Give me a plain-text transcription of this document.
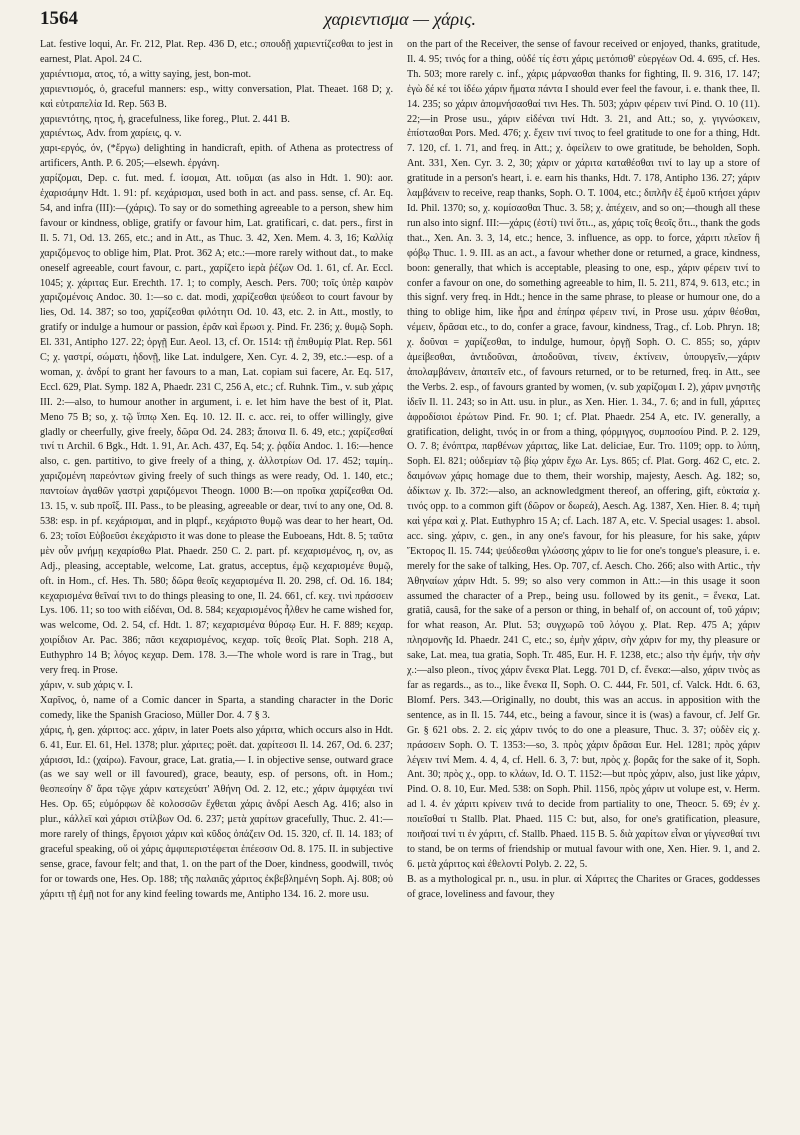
1564	χαριεντισμα — χάρις.

Lat. festive loqui, Ar. Fr. 212, Plat. Rep. 436 D, etc.; σπουδῇ χαριεντίζεσθαι to jest in earnest, Plat. Apol. 24 C.

χαριέντισμα, ατος, τό, a witty saying, jest, bon-mot.

χαριεντισμός, ὁ, graceful manners: esp., witty conversation, Plat. Theaet. 168 D; χ. καὶ εὐτραπελία Id. Rep. 563 B.

χαριεντότης, ητος, ἡ, gracefulness, like foreg., Plut. 2. 441 B.

χαριέντως, Adv. from χαρίεις, q. v.

χαρι-εργός, όν, (*ἔργω) delighting in handicraft, epith. of Athena as protectress of artificers, Anth. P. 6. 205;—elsewh. ἐργάνη.

χαρίζομαι, Dep. c. fut. med. f. ἰσομαι, Att. ιοῦμαι (as also in Hdt. 1. 90): aor. ἐχαρισάμην Hdt. 1. 91: pf. κεχάρισμαι, used both in act. and pass. sense, cf. Ar. Eq. 54, and infra (III):—(χάρις). To say or do something agreeable to a person, shew him favour or kindness, oblige, gratify or favour him, Lat. gratificari, c. dat. pers., first in Il. 5. 71, Od. 13. 265, etc.; and in Att., as Thuc. 3. 42, Xen. Mem. 4. 3, 16; Καλλίᾳ χαριζόμενος to oblige him, Plat. Prot. 362 A; etc.:—more rarely without dat., to make oneself agreeable, court favour, c. part., χαρίζετο ἱερὰ ῥέζων Od. 1. 61, cf. Ar. Eccl. 1045; χ. χάριτας Eur. Erechth. 17. 1; to comply, Aesch. Pers. 700; τοῖς ὑπὲρ καιρὸν χαριζομένοις Andoc. 30. 1:—so c. dat. modi, χαρίζεσθαι ψεύδεσι to court favour by lies, Od. 14. 387; so too, χαρίζεσθαι φιλότητι Od. 10. 43, etc. 2. in Att., mostly, to gratify or indulge a humour or passion, ἐρᾶν καὶ ἔρωσι χ. Pind. Fr. 236; χ. θυμῷ Soph. El. 331, Antipho 127. 22; ὀργῇ Eur. Aeol. 13, cf. Or. 1514: τῇ ἐπιθυμίᾳ Plat. Rep. 561 C; χ. γαστρί, σώματι, ἡδονῇ, like Lat. indulgere, Xen. Cyr. 4. 2, 39, etc.:—esp. of a woman, χ. ἀνδρί to grant her favours to a man, Lat. copiam sui facere, Ar. Eq. 517, Eccl. 629, Plat. Symp. 182 A, Phaedr. 231 C, 256 A, etc.; cf. Ruhnk. Tim., v. sub χάρις III. 2:—also, to humour another in argument, i. e. let him have the best of it, Plat. Meno 75 B; so, χ. τῷ ἵππῳ Xen. Eq. 10. 12. II. c. acc. rei, to offer willingly, give gladly or cheerfully, give freely, δῶρα Od. 24. 283; ἄποινα Il. 6. 49, etc.; χαρίζεσθαί τινί τι Archil. 6 Bgk., Hdt. 1. 91, Ar. Ach. 437, Eq. 54; χ. ῥᾳδία Andoc. 1. 16:—hence also, c. gen. partitivo, to give freely of a thing, χ. ἀλλοτρίων Od. 17. 452; ταμίη.. χαριζομένη παρεόντων giving freely of such things as were ready, Od. 1. 140, etc.; παντοίων ἀγαθῶν γαστρὶ χαριζόμενοι Theogn. 1000 B:—on προῖκα χαρίζεσθαι Od. 13. 15, v. sub προΐξ. III. Pass., to be pleasing, agreeable or dear, τινί to any one, Od. 8. 538: esp. in pf. κεχάρισμαι, and in plqpf., κεχάριστο θυμῷ was dear to her heart, Od. 6. 23; τοῖσι Εὐβοεῦσι ἐκεχάριστο it was done to please the Euboeans, Hdt. 8. 5; ταῦτα μὲν οὖν μνήμῃ κεχαρίσθω Plat. Phaedr. 250 C. 2. part. pf. κεχαρισμένος, η, ον, as Adj., pleasing, acceptable, welcome, Lat. gratus, acceptus, ἐμῷ κεχαρισμένε θυμῷ, oft. in Hom., cf. Hes. Th. 580; δῶρα θεοῖς κεχαρισμένα Il. 20. 298, cf. Od. 16. 184; κεχαρισμένα θεῖναί τινι to do things pleasing to one, Il. 24. 661, cf. κεχ. τινὶ πράσσειν Lys. 106. 11; so too with εἰδέναι, Od. 8. 584; κεχαρισμένος ἦλθεν he came wished for, was welcome, Od. 2. 54, cf. Hdt. 1. 87; κεχαρισμένα θύρσῳ Eur. H. F. 889; κεχαρ. χοιρίδιον Ar. Pac. 386; πᾶσι κεχαρισμένος, κεχαρ. τοῖς θεοῖς Plat. Soph. 218 A, Euthyphro 14 B; λόγος κεχαρ. Dem. 178. 3.—The whole word is rare in Trag., but very freq. in Prose.

χάριν, v. sub χάρις v. I.

Χαρῖνος, ὁ, name of a Comic dancer in Sparta, a standing character in the Doric comedy, like the Spanish Gracioso, Müller Dor. 4. 7 § 3.

χάρις, ἡ, gen. χάριτος: acc. χάριν, in later Poets also χάριτα, which occurs also in Hdt. 6. 41, Eur. El. 61, Hel. 1378; plur. χάριτες; poët. dat. χαρίτεσσι Il. 14. 267, Od. 6. 237; χάρισσι, Id.: (χαίρω). Favour, grace, Lat. gratia,— I. in objective sense, outward grace (as we say well or ill favoured), grace, beauty, esp. of persons, oft. in Hom.; θεσπεσίην δ' ἄρα τῷγε χάριν κατεχεύατ' Ἀθήνη Od. 2. 12, etc.; χάριν ἀμφιχέαι τινί Hes. Op. 65; εὐμόρφων δὲ κολοσσῶν ἔχθεται χάρις ἀνδρί Aesch Ag. 416; also in plur., κάλλεϊ καὶ χάρισι στίλβων Od. 6. 237; μετὰ χαρίτων gracefully, Thuc. 2. 41:—more rarely of things, ἔργοισι χάριν καὶ κῦδος ὀπάζειν Od. 15. 320, cf. Il. 14. 183; of graceful speaking, οὔ οἱ χάρις ἀμφιπεριστέφεται ἐπέεσσιν Od. 8. 175. II. in subjective sense, grace, favour felt; and that, 1. on the part of the Doer, kindness, goodwill, τινός for or towards one, Hes. Op. 188; τῆς παλαιᾶς χάριτος ἐκβεβλημένη Soph. Aj. 808; οὐ χάριτι τῇ ἐμῇ not for any kind feeling towards me, Antipho 134. 16. 2. more usu.

on the part of the Receiver, the sense of favour received or enjoyed, thanks, gratitude, Il. 4. 95; τινός for a thing, οὐδέ τίς ἐστι χάρις μετόπισθ' εὐεργέων Od. 4. 695, cf. Hes. Th. 503; more rarely c. inf., χάρις μάρνασθαι thanks for fighting, Il. 9. 316, 17. 147; ἐγὼ δέ κέ τοι ἰδέω χάριν ἤματα πάντα I should ever feel the favour, i. e. thank thee, Il. 14. 235; so χάριν ἀπομνήσασθαί τινι Hes. Th. 503; χάριν φέρειν τινί Pind. O. 10 (11). 22;—in Prose usu., χάριν εἰδέναι τινί Hdt. 3. 21, and Att.; so, χ. γιγνώσκειν, ἐπίστασθαι Pors. Med. 476; χ. ἔχειν τινί τινος to feel gratitude to one for a thing, Hdt. 7. 120, cf. 1. 71, and freq. in Att.; χ. ὀφείλειν to owe gratitude, be beholden, Soph. Ant. 331, Xen. Cyr. 3. 2, 30; χάριν or χάριτα καταθέσθαι τινί to lay up a store of gratitude in a person's heart, i. e. earn his thanks, Hdt. 7. 178, Antipho 136. 27; χάριν λαμβάνειν to receive, reap thanks, Soph. O. T. 1004, etc.; διπλῆν ἐξ ἐμοῦ κτήσει χάριν Id. Phil. 1370; so, χ. κομίσασθαι Thuc. 3. 58; χ. ἀπέχειν, and so on;—though all these run also into signf. III:—χάρις (ἐστί) τινί ὅτι.., as, χάρις τοῖς θεοῖς ὅτι.., thank the gods that.., Xen. An. 3. 3, 14, etc.; hence, 3. influence, as opp. to force, χάριτι πλεῖον ἢ φόβῳ Thuc. 1. 9. III. as an act., a favour whether done or returned, a grace, kindness, boon: generally, that which is acceptable, pleasing to one, esp., χάριν φέρειν τινί to confer a favour on one, do something agreeable to him, Il. 5. 211, 874, 9. 613, etc.; in this signf. very freq. in Hdt.; hence in the same phrase, to please or humour one, do a thing to oblige him, like ἦρα and ἐπίηρα φέρειν τινί, in Prose usu. χάριν θέσθαι, νέμειν, δρᾶσαι etc., to do, confer a grace, favour, kindness, Trag., cf. Lob. Phryn. 18; χ. δοῦναι = χαρίζεσθαι, to indulge, humour, ὀργῇ Soph. O. C. 855; so, χάριν ἀμείβεσθαι, ἀντιδοῦναι, ἀποδοῦναι, τίνειν, ἐκτίνειν, ὑπουργεῖν,—χάριν ἀπολαμβάνειν, ἀπαιτεῖν etc., of favours returned, or to be returned, freq. in Att., see the Verbs. 2. esp., of favours granted by women, (v. sub χαρίζομαι I. 2), χάριν μνηστῆς ἰδεῖν Il. 11. 243; so in Att. usu. in plur., as Xen. Hier. 1. 34., 7. 6; and in full, χάριτες ἀφροδίσιοι ἐρώτων Pind. Fr. 90. 1; cf. Plat. Phaedr. 254 A, etc. IV. generally, a gratification, delight, τινός in or from a thing, φόρμιγγος, συμποσίου Pind. P. 2. 129, O. 7. 8; ἐνόπτρα, παρθένων χάριτας, like Lat. deliciae, Eur. Tro. 1109; opp. to λύπη, Soph. El. 821; οὐδεμίαν τῷ βίῳ χάριν ἔχω Ar. Lys. 865; cf. Plat. Gorg. 462 C, etc. 2. δαιμόνων χάρις homage due to them, their worship, majesty, Aesch. Ag. 182; so, ἀδίκτων χ. Ib. 372:—also, an acknowledgment thereof, an offering, gift, εὐκταία χ. τινός opp. to a common gift (δῶρον or δωρεά), Aesch. Ag. 1387, Xen. Hier. 8. 4; τιμὴ καὶ γέρα καὶ χ. Plat. Euthyphro 15 A; cf. Lach. 187 A, etc. V. Special usages: 1. absol. acc. sing. χάριν, c. gen., in any one's favour, for his pleasure, for his sake, χάριν Ἕκτορος Il. 15. 744; ψεύδεσθαι γλώσσης χάριν to lie for one's tongue's pleasure, i. e. merely for the sake of talking, Hes. Op. 707, cf. Aesch. Cho. 266; also with Artic., τὴν Ἀθηναίων χάριν Hdt. 5. 99; so also very common in Att.:—in this usage it soon assumed the character of a Prep., being usu. followed by its genit., = ἕνεκα, Lat. gratiâ, causâ, for the sake of a person or thing, in behalf of, on account of, τοῦ χάριν; for what reason, Ar. Plut. 53; συγχωρῶ τοῦ λόγου χ. Plat. Rep. 475 A; χάριν πλησμονῆς Id. Phaedr. 241 C, etc.; so, ἐμὴν χάριν, σὴν χάριν for my, thy pleasure or sake, Lat. mea, tua gratia, Soph. Tr. 485, Eur. H. F. 1238, etc.; also τὴν ἐμήν, τὴν σὴν χ.:—also pleon., τίνος χάριν ἕνεκα Plat. Legg. 701 D, cf. ἕνεκα:—also, χάριν τινὸς as far as regards.., as to.., like ἕνεκα II, Soph. O. C. 444, Fr. 501, cf. Valck. Hdt. 6. 63, Blomf. Pers. 343.—Originally, no doubt, this was an accus. in apposition with the sentence, as in Il. 15. 744, etc., being a favour, since it is (was) a favour, cf. Jelf Gr. Gr. § 621 obs. 2. 2. εἰς χάριν τινός to do one a pleasure, Thuc. 3. 37; οὐδὲν εἰς χ. πράσσειν Soph. O. T. 1353:—so, 3. πρὸς χάριν δρᾶσαι Eur. Hel. 1281; πρὸς χάριν λέγειν τινί Mem. 4. 4, 4, cf. Hell. 6. 3, 7: but, πρὸς χ. βορᾶς for the sake of it, Soph. Ant. 30; πρὸς χ., opp. to κλάων, Id. O. T. 1152:—but πρὸς χάριν, also, just like χάριν, Pind. O. 8. 10, Eur. Med. 538: on Soph. Phil. 1156, πρὸς χάριν ut volupe est, v. Herm. ad l. 4. ἐν χάριτι κρίνειν τινά to decide from partiality to one, Theocr. 5. 69; ἐν χ. ποιεῖσθαί τι Stallb. Plat. Phaed. 115 C: but, also, for one's gratification, pleasure, ποιῆσαί τινί τι ἐν χάριτι, cf. Stallb. Phaed. 115 B. 5. διὰ χαρίτων εἶναι or γίγνεσθαί τινι to stand, be on terms of friendship or mutual favour with one, Xen. Hier. 9. 1, and 2. 6. μετὰ χάριτος καὶ ἐθελοντί Polyb. 2. 22, 5.

B. as a mythological pr. n., usu. in plur. αἱ Χάριτες the Charites or Graces, goddesses of grace, loveliness and favour, they
